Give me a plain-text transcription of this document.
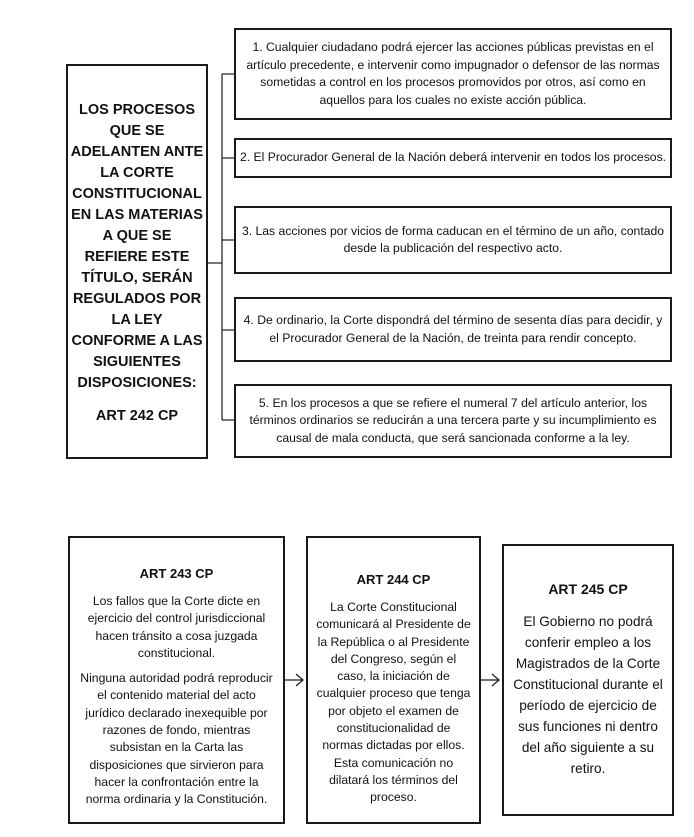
LOS PROCESOS QUE SE ADELANTEN ANTE LA CORTE CONSTITUCIONAL EN LAS MATERIAS A QUE SE REFIERE ESTE TÍTULO, SERÁN REGULADOS POR LA LEY CONFORME A LAS SIGUIENTES DISPOSICIONES:
ART 242 CP
1. Cualquier ciudadano podrá ejercer las acciones públicas previstas en el artículo precedente, e intervenir como impugnador o defensor de las normas sometidas a control en los procesos promovidos por otros, así como en aquellos para los cuales no existe acción pública.
2. El Procurador General de la Nación deberá intervenir en todos los procesos.
3. Las acciones por vicios de forma caducan en el término de un año, contado desde la publicación del respectivo acto.
4. De ordinario, la Corte dispondrá del término de sesenta días para decidir, y el Procurador General de la Nación, de treinta para rendir concepto.
5. En los procesos a que se refiere el numeral 7 del artículo anterior, los términos ordinarios se reducirán a una tercera parte y su incumplimiento es causal de mala conducta, que será sancionada conforme a la ley.
ART 243 CP

Los fallos que la Corte dicte en ejercicio del control jurisdiccional hacen tránsito a cosa juzgada constitucional.

Ninguna autoridad podrá reproducir el contenido material del acto jurídico declarado inexequible por razones de fondo, mientras subsistan en la Carta las disposiciones que sirvieron para hacer la confrontación entre la norma ordinaria y la Constitución.

ART 244 CP
La Corte Constitucional comunicará al Presidente de la República o al Presidente del Congreso, según el caso, la iniciación de cualquier proceso que tenga por objeto el examen de constitucionalidad de normas dictadas por ellos. Esta comunicación no dilatará los términos del proceso.
ART 245 CP
El Gobierno no podrá conferir empleo a los Magistrados de la Corte Constitucional durante el período de ejercicio de sus funciones ni dentro del año siguiente a su retiro.
